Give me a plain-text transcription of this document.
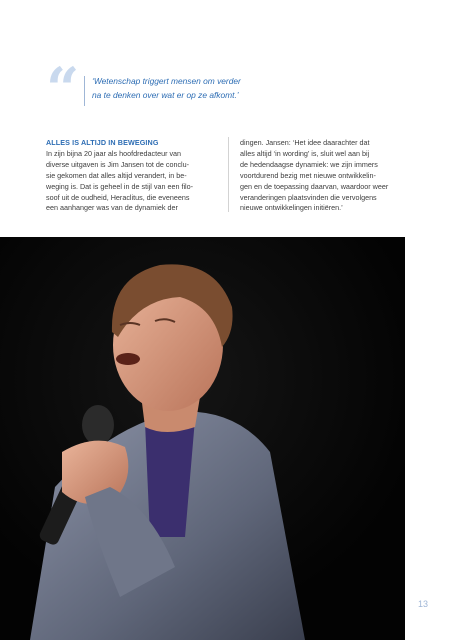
“ ‘Wetenschap triggert mensen om verder
na te denken over wat er op ze afkomt.’
ALLES IS ALTIJD IN BEWEGING
In zijn bijna 20 jaar als hoofdredacteur van
diverse uitgaven is Jim Jansen tot de conclu-
sie gekomen dat alles altijd verandert, in be-
weging is. Dat is geheel in de stijl van een filo-
soof uit de oudheid, Heraclitus, die eveneens
een aanhanger was van de dynamiek der
dingen. Jansen: ‘Het idee daarachter dat
alles altijd ‘in wording’ is, sluit wel aan bij
de hedendaagse dynamiek: we zijn immers
voortdurend bezig met nieuwe ontwikkelin-
gen en de toepassing daarvan, waardoor weer
veranderingen plaatsvinden die vervolgens
nieuwe ontwikkelingen initiëren.’
13
